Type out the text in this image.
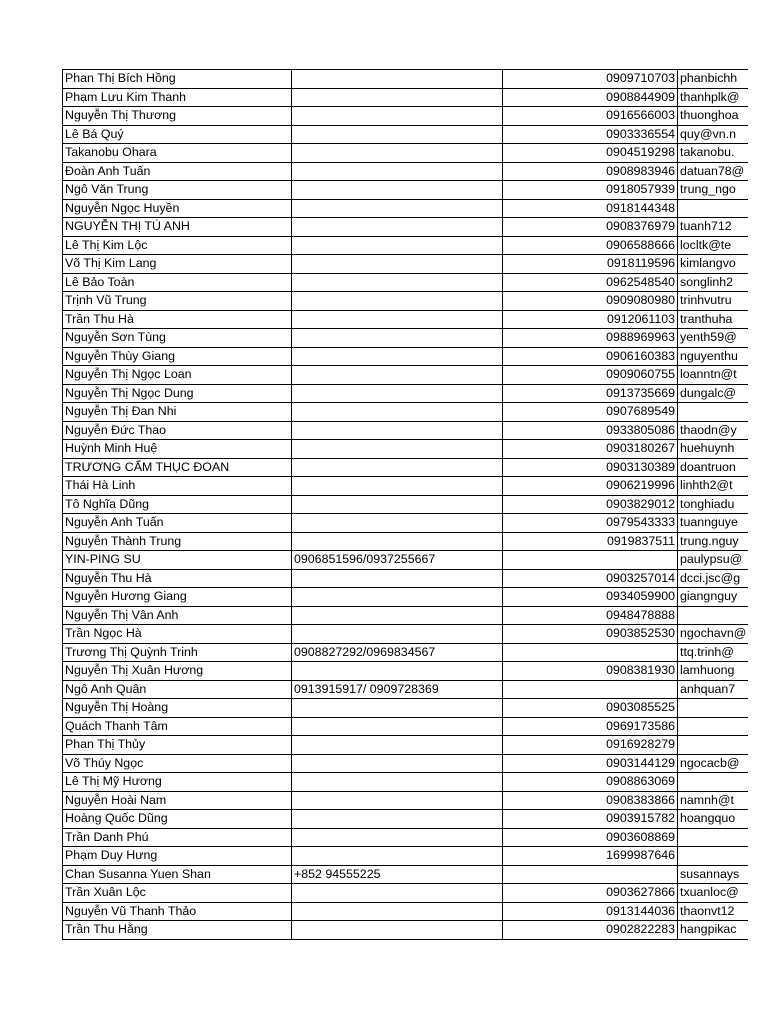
Phan Thị Bích Hồng		0909710703	phanbichh
Phạm Lưu Kim Thanh		0908844909	thanhplk@
Nguyễn Thị Thương		0916566003	thuonghoa
Lê Bá Quý		0903336554	quy@vn.n
Takanobu Ohara		0904519298	takanobu.
Đoàn Anh Tuấn		0908983946	datuan78@
Ngô Văn Trung		0918057939	trung_ngo
Nguyễn Ngọc Huyền		0918144348	
NGUYỄN THỊ TÚ ANH		0908376979	tuanh712
Lê Thị Kim Lộc		0906588666	locltk@te
Võ Thị Kim Lang		0918119596	kimlangvo
Lê Bảo Toàn		0962548540	songlinh2
Trịnh Vũ Trung		0909080980	trinhvutru
Trần Thu Hà		0912061103	tranthuha
Nguyễn Sơn Tùng		0988969963	yenth59@
Nguyễn Thùy Giang		0906160383	nguyenthu
Nguyễn Thị Ngọc Loan		0909060755	loanntn@t
Nguyễn Thị Ngọc Dung		0913735669	dungalc@
Nguyễn Thị Đan Nhi		0907689549	
Nguyễn Đức Thao		0933805086	thaodn@y
Huỳnh Minh Huệ		0903180267	huehuynh
TRƯƠNG CẨM THỤC ĐOAN		0903130389	doantruon
Thái Hà Linh		0906219996	linhth2@t
Tô Nghĩa Dũng		0903829012	tonghiadu
Nguyễn Anh Tuấn		0979543333	tuannguye
Nguyễn Thành Trung		0919837511	trung.nguy
YIN-PING SU	0906851596/0937255667		paulypsu@
Nguyễn Thu Hà		0903257014	dcci.jsc@g
Nguyễn Hương Giang		0934059900	giangnguy
Nguyễn Thị Vân Anh		0948478888	
Trần Ngọc Hà		0903852530	ngochavn@
Trương Thị Quỳnh Trinh	0908827292/0969834567		ttq.trinh@
Nguyễn Thị Xuân Hương		0908381930	lamhuong
Ngô Anh Quân	0913915917/ 0909728369		anhquan7
Nguyễn Thị Hoàng		0903085525	
Quách Thanh Tâm		0969173586	
Phan Thị Thủy		0916928279	
Võ Thúy Ngọc		0903144129	ngocacb@
Lê Thị Mỹ Hương		0908863069	
Nguyễn Hoài Nam		0908383866	namnh@t
Hoàng Quốc Dũng		0903915782	hoangquo
Trần Danh Phú		0903608869	
Phạm Duy Hưng		1699987646	
Chan Susanna Yuen Shan	+852 94555225		susannays
Trần Xuân Lộc		0903627866	txuanloc@
Nguyễn Vũ Thanh Thảo		0913144036	thaonvt12
Trần Thu Hằng		0902822283	hangpikac
